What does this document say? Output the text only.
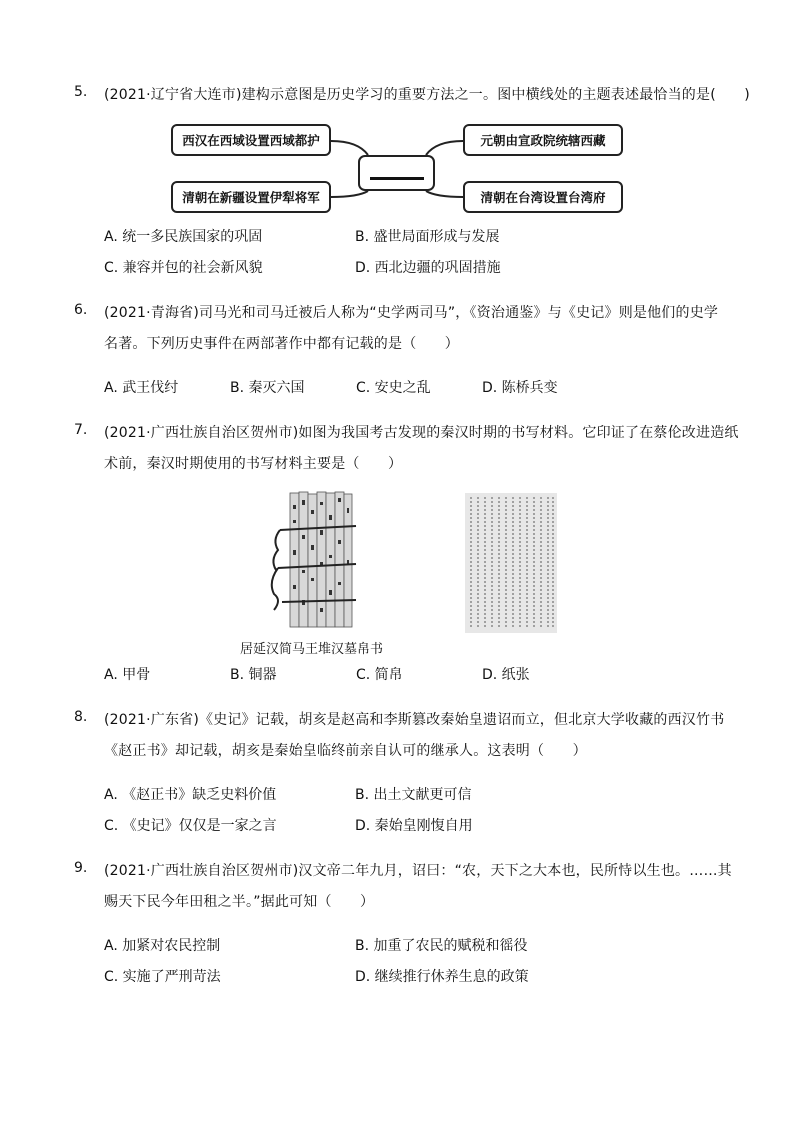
5. (2021·辽宁省大连市)建构示意图是历史学习的重要方法之一。图中横线处的主题表述最恰当的是(　　)
西汉在西域设置西域都护	元朝由宣政院统辖西藏
清朝在新疆设置伊犁将军	清朝在台湾设置台湾府
A. 统一多民族国家的巩固	B. 盛世局面形成与发展
C. 兼容并包的社会新风貌	D. 西北边疆的巩固措施
6. (2021·青海省)司马光和司马迁被后人称为“史学两司马”，《资治通鉴》与《史记》则是他们的史学
名著。下列历史事件在两部著作中都有记载的是（　　）
A. 武王伐纣	B. 秦灭六国	C. 安史之乱	D. 陈桥兵变
7. (2021·广西壮族自治区贺州市)如图为我国考古发现的秦汉时期的书写材料。它印证了在蔡伦改进造纸
术前，秦汉时期使用的书写材料主要是（　　）
居延汉简马王堆汉墓帛书
A. 甲骨	B. 铜器	C. 简帛	D. 纸张
8. (2021·广东省)《史记》记载，胡亥是赵高和李斯篡改秦始皇遗诏而立，但北京大学收藏的西汉竹书
《赵正书》却记载，胡亥是秦始皇临终前亲自认可的继承人。这表明（　　）
A. 《赵正书》缺乏史料价值	B. 出土文献更可信
C. 《史记》仅仅是一家之言	D. 秦始皇刚愎自用
9. (2021·广西壮族自治区贺州市)汉文帝二年九月，诏曰：“农，天下之大本也，民所恃以生也。……其
赐天下民今年田租之半。”据此可知（　　）
A. 加紧对农民控制	B. 加重了农民的赋税和徭役
C. 实施了严刑苛法	D. 继续推行休养生息的政策
